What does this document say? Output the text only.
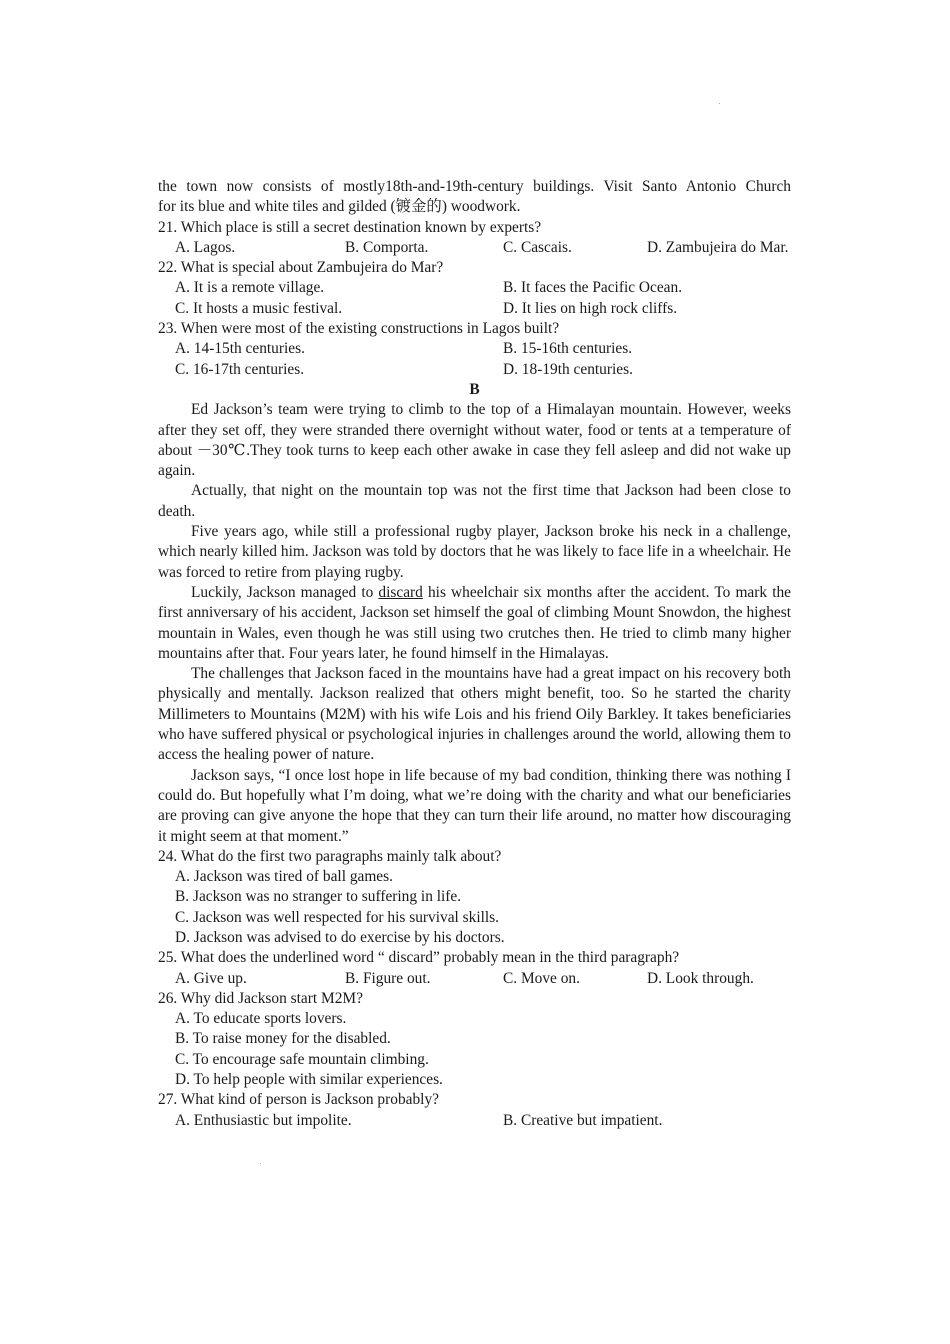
the town now consists of mostly18th-and-19th-century buildings. Visit Santo Antonio Church
for its blue and white tiles and gilded (镀金的) woodwork.
21. Which place is still a secret destination known by experts?
A. Lagos.	B. Comporta.	C. Cascais.	D. Zambujeira do Mar.
22. What is special about Zambujeira do Mar?
A. It is a remote village.	B. It faces the Pacific Ocean.
C. It hosts a music festival.	D. It lies on high rock cliffs.
23. When were most of the existing constructions in Lagos built?
A. 14-15th centuries.	B. 15-16th centuries.
C. 16-17th centuries.	D. 18-19th centuries.
B
Ed Jackson’s team were trying to climb to the top of a Himalayan mountain. However, weeks after they set off, they were stranded there overnight without water, food or tents at a temperature of about －30℃.They took turns to keep each other awake in case they fell asleep and did not wake up again.
Actually, that night on the mountain top was not the first time that Jackson had been close to death.
Five years ago, while still a professional rugby player, Jackson broke his neck in a challenge, which nearly killed him. Jackson was told by doctors that he was likely to face life in a wheelchair. He was forced to retire from playing rugby.
Luckily, Jackson managed to discard his wheelchair six months after the accident. To mark the first anniversary of his accident, Jackson set himself the goal of climbing Mount Snowdon, the highest mountain in Wales, even though he was still using two crutches then. He tried to climb many higher mountains after that. Four years later, he found himself in the Himalayas.
The challenges that Jackson faced in the mountains have had a great impact on his recovery both physically and mentally. Jackson realized that others might benefit, too. So he started the charity Millimeters to Mountains (M2M) with his wife Lois and his friend Oily Barkley. It takes beneficiaries who have suffered physical or psychological injuries in challenges around the world, allowing them to access the healing power of nature.
Jackson says, “I once lost hope in life because of my bad condition, thinking there was nothing I could do. But hopefully what I’m doing, what we’re doing with the charity and what our beneficiaries are proving can give anyone the hope that they can turn their life around, no matter how discouraging it might seem at that moment.”
24. What do the first two paragraphs mainly talk about?
A. Jackson was tired of ball games.
B. Jackson was no stranger to suffering in life.
C. Jackson was well respected for his survival skills.
D. Jackson was advised to do exercise by his doctors.
25. What does the underlined word “ discard” probably mean in the third paragraph?
A. Give up.	B. Figure out.	C. Move on.	D. Look through.
26. Why did Jackson start M2M?
A. To educate sports lovers.
B. To raise money for the disabled.
C. To encourage safe mountain climbing.
D. To help people with similar experiences.
27. What kind of person is Jackson probably?
A. Enthusiastic but impolite.	B. Creative but impatient.
